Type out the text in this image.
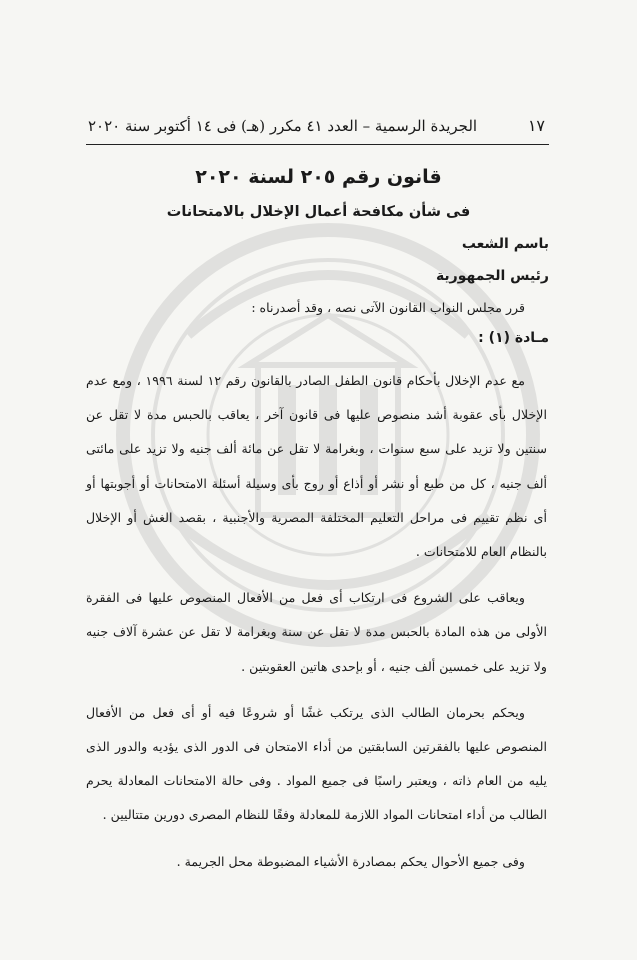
١٧
الجريدة الرسمية – العدد ٤١ مكرر (هـ) فى ١٤ أكتوبر سنة ٢٠٢٠
قانون رقم ٢٠٥ لسنة ٢٠٢٠
فى شأن مكافحة أعمال الإخلال بالامتحانات
باسم الشعب
رئيس الجمهورية
قرر مجلس النواب القانون الآتى نصه ، وقد أصدرناه :
مـادة (١) :

مع عدم الإخلال بأحكام قانون الطفل الصادر بالقانون رقم ١٢ لسنة ١٩٩٦ ، ومع عدم الإخلال بأى عقوبة أشد منصوص عليها فى قانون آخر ، يعاقب بالحبس مدة لا تقل عن سنتين ولا تزيد على سبع سنوات ، وبغرامة لا تقل عن مائة ألف جنيه ولا تزيد على مائتى ألف جنيه ، كل من طبع أو نشر أو أذاع أو روج بأى وسيلة أسئلة الامتحانات أو أجوبتها أو أى نظم تقييم فى مراحل التعليم المختلفة المصرية والأجنبية ، بقصد الغش أو الإخلال بالنظام العام للامتحانات .

ويعاقب على الشروع فى ارتكاب أى فعل من الأفعال المنصوص عليها فى الفقرة الأولى من هذه المادة بالحبس مدة لا تقل عن سنة وبغرامة لا تقل عن عشرة آلاف جنيه ولا تزيد على خمسين ألف جنيه ، أو بإحدى هاتين العقوبتين .

ويحكم بحرمان الطالب الذى يرتكب غشًا أو شروعًا فيه أو أى فعل من الأفعال المنصوص عليها بالفقرتين السابقتين من أداء الامتحان فى الدور الذى يؤديه والدور الذى يليه من العام ذاته ، ويعتبر راسبًا فى جميع المواد . وفى حالة الامتحانات المعادلة يحرم الطالب من أداء امتحانات المواد اللازمة للمعادلة وفقًا للنظام المصرى دورين متتاليين .

وفى جميع الأحوال يحكم بمصادرة الأشياء المضبوطة محل الجريمة .
